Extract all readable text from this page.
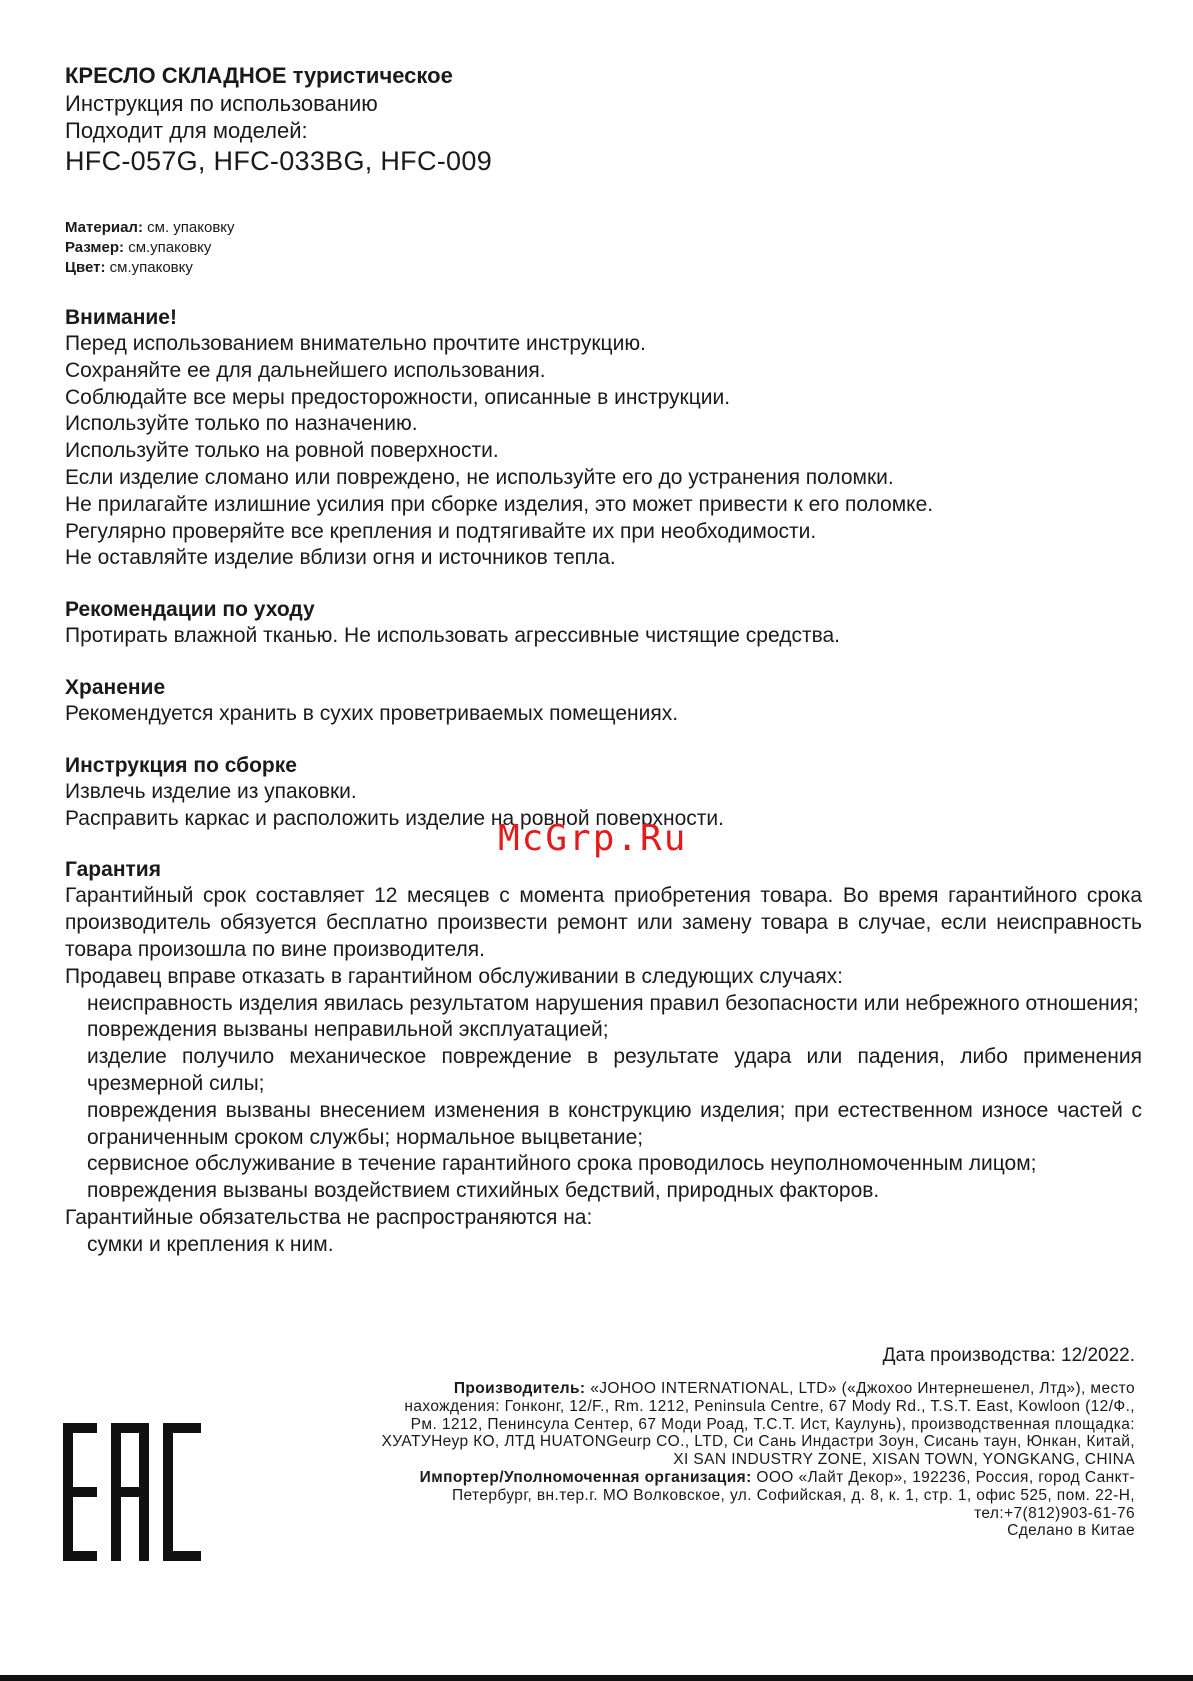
КРЕСЛО СКЛАДНОЕ туристическое
Инструкция по использованию
Подходит для моделей:
HFC-057G, HFC-033BG, HFC-009
Материал: см. упаковку
Размер: см.упаковку
Цвет: см.упаковку
Внимание!

Перед использованием внимательно прочтите инструкцию.

Сохраняйте ее для дальнейшего использования.

Соблюдайте все меры предосторожности, описанные в инструкции.

Используйте только по назначению.

Используйте только на ровной поверхности.

Если изделие сломано или повреждено, не используйте его до устранения поломки.

Не прилагайте излишние усилия при сборке изделия, это может привести к его поломке.

Регулярно проверяйте все крепления и подтягивайте их при необходимости.

Не оставляйте изделие вблизи огня и источников тепла.

Рекомендации по уходу

Протирать влажной тканью. Не использовать агрессивные чистящие средства.

Хранение

Рекомендуется хранить в сухих проветриваемых помещениях.

Инструкция по сборке

Извлечь изделие из упаковки.

Расправить каркас и расположить изделие на ровной поверхности.

Гарантия

Гарантийный срок составляет 12 месяцев с момента приобретения товара. Во время гарантийного срока производитель обязуется бесплатно произвести ремонт или замену товара в случае, если неисправность товара произошла по вине производителя.

Продавец вправе отказать в гарантийном обслуживании в следующих случаях:

неисправность изделия явилась результатом нарушения правил безопасности или небрежного отношения;

повреждения вызваны неправильной эксплуатацией;

изделие получило механическое повреждение в результате удара или падения, либо применения чрезмерной силы;

повреждения вызваны внесением изменения в конструкцию изделия; при естественном износе частей с ограниченным сроком службы; нормальное выцветание;

сервисное обслуживание в течение гарантийного срока проводилось неуполномоченным лицом;

повреждения вызваны воздействием стихийных бедствий, природных факторов.

Гарантийные обязательства не распространяются на:

сумки и крепления к ним.

McGrp.Ru
Дата производства: 12/2022.
Производитель: «JOHOO INTERNATIONAL, LTD» («Джохоо Интернешенел, Лтд»), место нахождения: Гонконг, 12/F., Rm. 1212, Peninsula Centre, 67 Mody Rd., T.S.T. East, Kowloon (12/Ф., Рм. 1212, Пенинсула Сентер, 67 Моди Роад, Т.С.Т. Ист, Каулунь), производственная площадка: ХУАТУНеур КО, ЛТД HUATONGeurp CO., LTD, Си Сань Индастри Зоун, Сисань таун, Юнкан, Китай, XI SAN INDUSTRY ZONE, XISAN TOWN, YONGKANG, CHINA
Импортер/Уполномоченная организация: ООО «Лайт Декор», 192236, Россия, город Санкт-Петербург, вн.тер.г. МО Волковское, ул. Софийская, д. 8, к. 1, стр. 1, офис 525, пом. 22-Н, тел:+7(812)903-61-76
Сделано в Китае
